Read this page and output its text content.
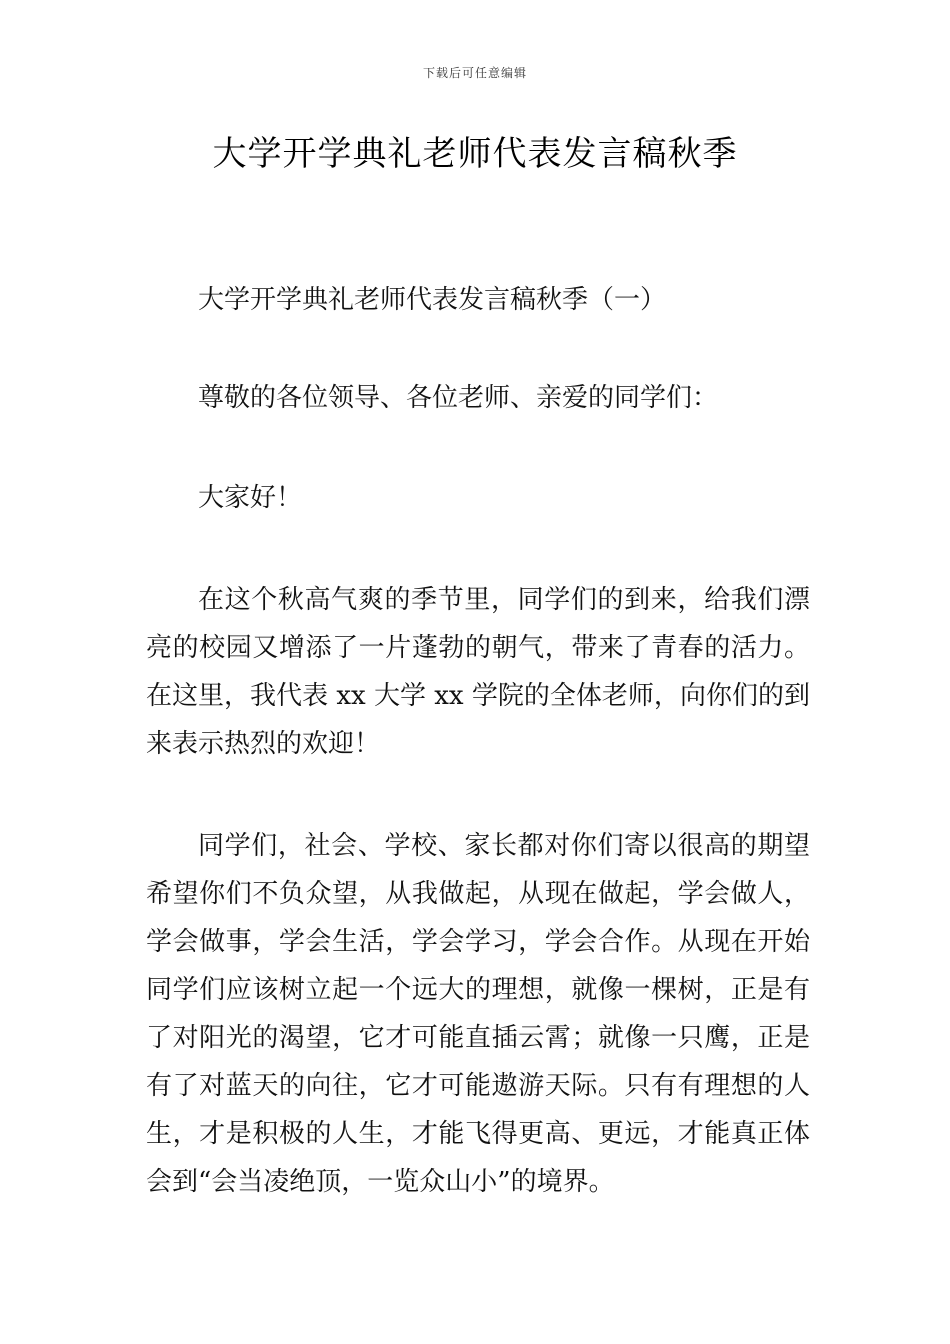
下载后可任意编辑
大学开学典礼老师代表发言稿秋季

大学开学典礼老师代表发言稿秋季（一）

尊敬的各位领导、各位老师、亲爱的同学们：

大家好！

在这个秋高气爽的季节里，同学们的到来，给我们漂亮的校园又增添了一片蓬勃的朝气，带来了青春的活力。在这里，我代表 xx 大学 xx 学院的全体老师，向你们的到来表示热烈的欢迎！

同学们，社会、学校、家长都对你们寄以很高的期望希望你们不负众望，从我做起，从现在做起，学会做人，学会做事，学会生活，学会学习，学会合作。从现在开始同学们应该树立起一个远大的理想，就像一棵树，正是有了对阳光的渴望，它才可能直插云霄；就像一只鹰，正是有了对蓝天的向往，它才可能遨游天际。只有有理想的人生，才是积极的人生，才能飞得更高、更远，才能真正体会到“会当凌绝顶，一览众山小”的境界。
